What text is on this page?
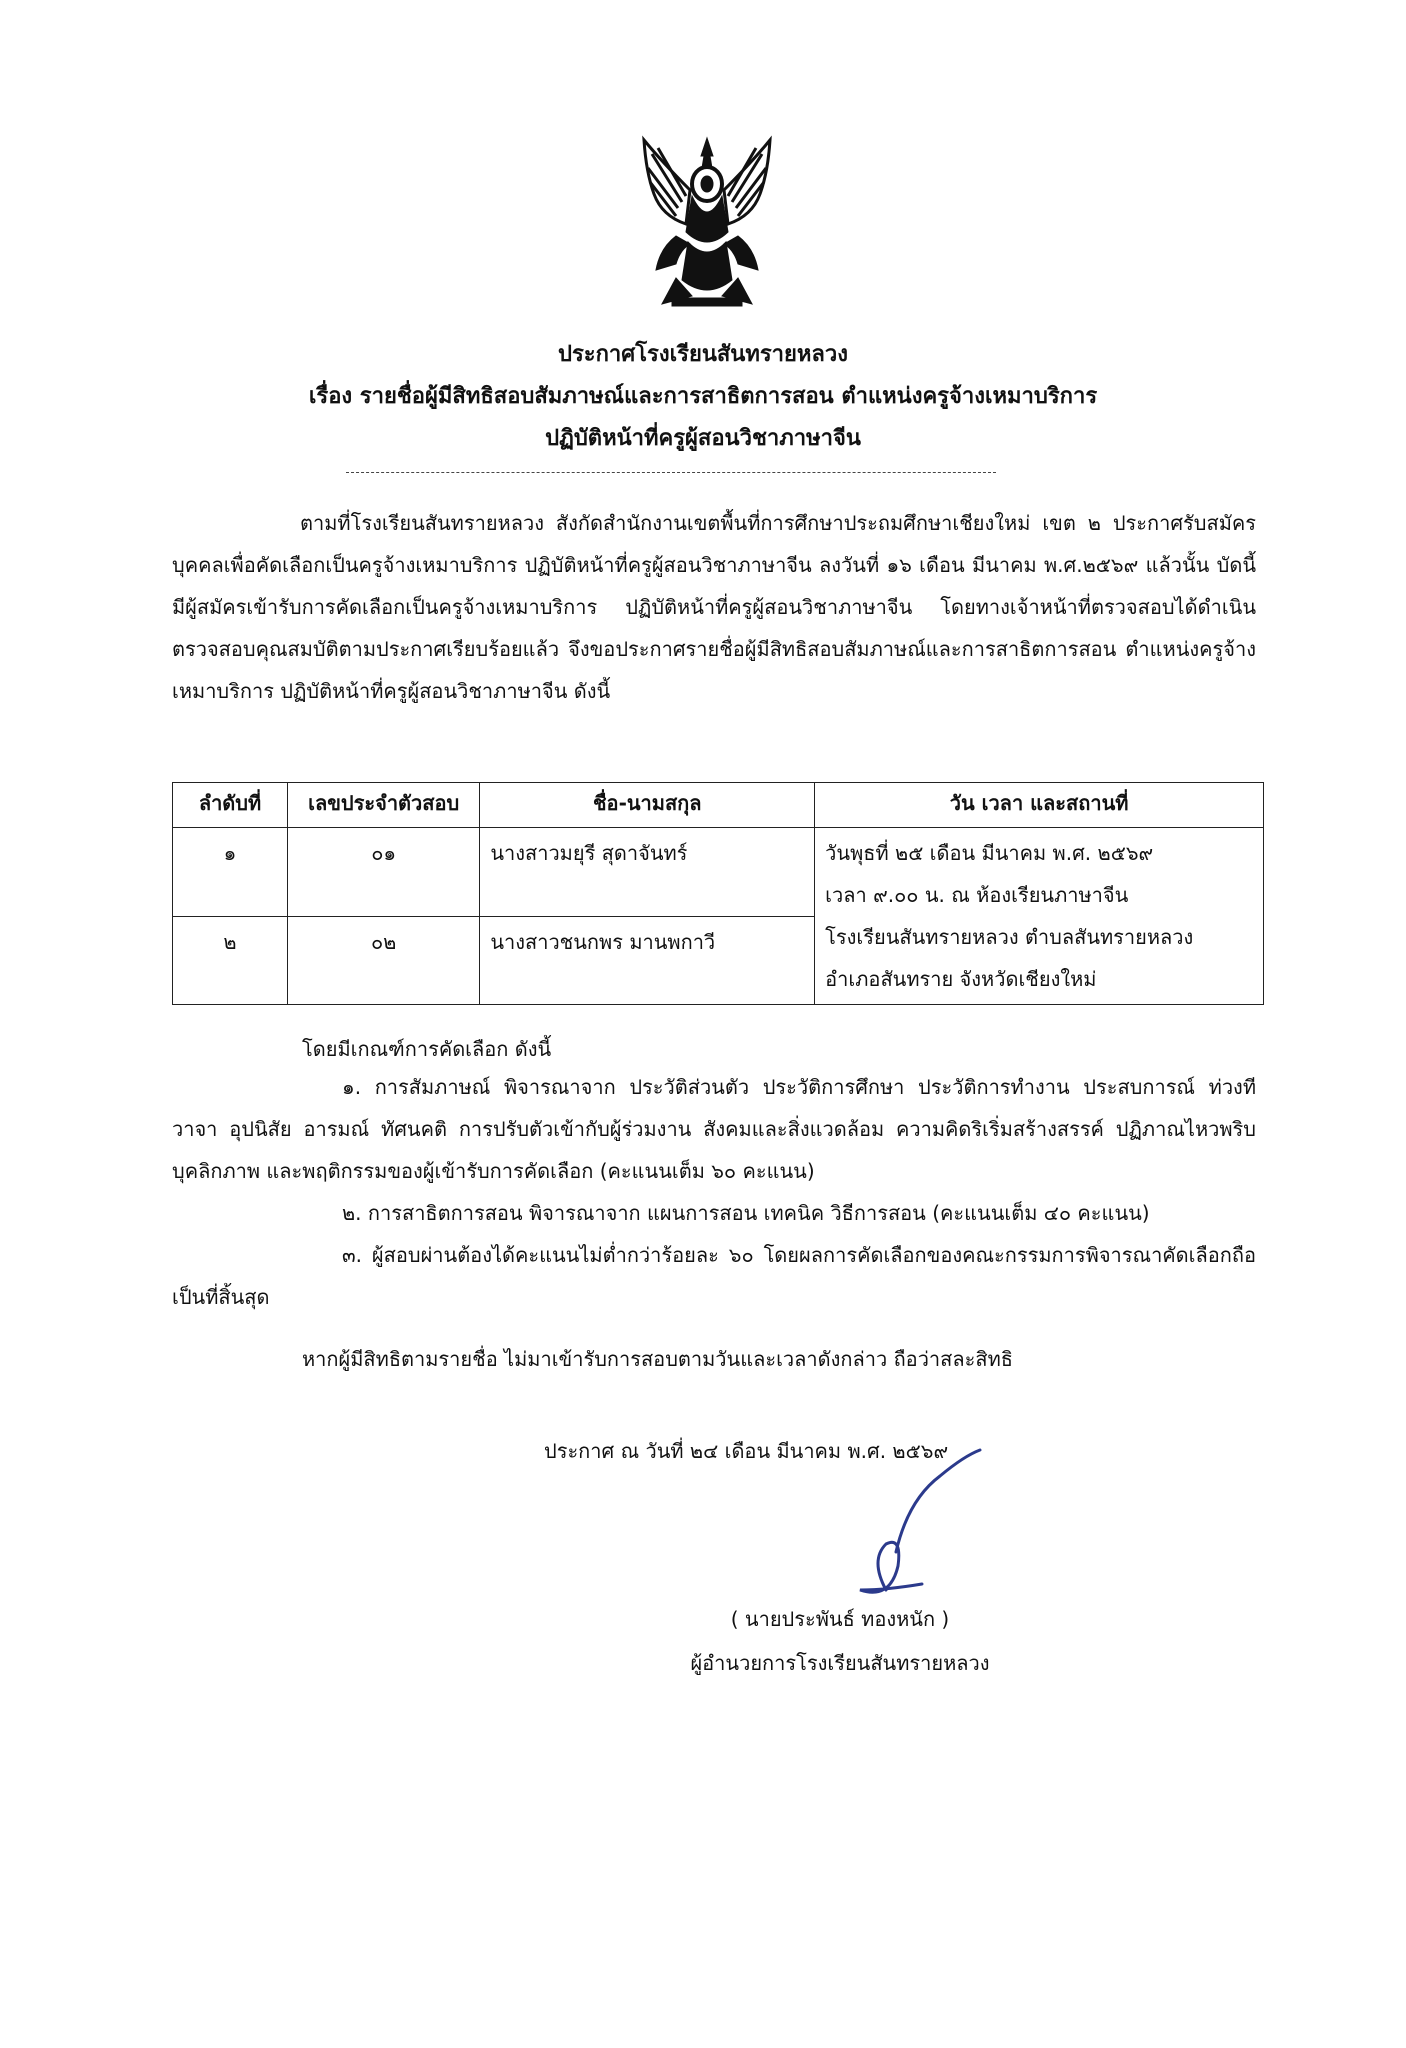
ประกาศโรงเรียนสันทรายหลวง
เรื่อง รายชื่อผู้มีสิทธิสอบสัมภาษณ์และการสาธิตการสอน ตำแหน่งครูจ้างเหมาบริการ
ปฏิบัติหน้าที่ครูผู้สอนวิชาภาษาจีน
ตามที่โรงเรียนสันทรายหลวง สังกัดสำนักงานเขตพื้นที่การศึกษาประถมศึกษาเชียงใหม่ เขต ๒ ประกาศรับสมัครบุคคลเพื่อคัดเลือกเป็นครูจ้างเหมาบริการ ปฏิบัติหน้าที่ครูผู้สอนวิชาภาษาจีน ลงวันที่ ๑๖ เดือน มีนาคม พ.ศ.๒๕๖๙ แล้วนั้น บัดนี้มีผู้สมัครเข้ารับการคัดเลือกเป็นครูจ้างเหมาบริการ ปฏิบัติหน้าที่ครูผู้สอนวิชาภาษาจีน โดยทางเจ้าหน้าที่ตรวจสอบได้ดำเนินตรวจสอบคุณสมบัติตามประกาศเรียบร้อยแล้ว จึงขอประกาศรายชื่อผู้มีสิทธิสอบสัมภาษณ์และการสาธิตการสอน ตำแหน่งครูจ้างเหมาบริการ ปฏิบัติหน้าที่ครูผู้สอนวิชาภาษาจีน ดังนี้
ลำดับที่	เลขประจำตัวสอบ	ชื่อ-นามสกุล	วัน เวลา และสถานที่
๑	๐๑	นางสาวมยุรี สุดาจันทร์	วันพุธที่ ๒๕ เดือน มีนาคม พ.ศ. ๒๕๖๙
เวลา ๙.๐๐ น. ณ ห้องเรียนภาษาจีน
โรงเรียนสันทรายหลวง ตำบลสันทรายหลวง
อำเภอสันทราย จังหวัดเชียงใหม่

๒	๐๒	นางสาวชนกพร มานพกาวี	
โดยมีเกณฑ์การคัดเลือก ดังนี้
๑. การสัมภาษณ์ พิจารณาจาก ประวัติส่วนตัว ประวัติการศึกษา ประวัติการทำงาน ประสบการณ์ ท่วงที วาจา อุปนิสัย อารมณ์ ทัศนคติ การปรับตัวเข้ากับผู้ร่วมงาน สังคมและสิ่งแวดล้อม ความคิดริเริ่มสร้างสรรค์ ปฏิภาณไหวพริบ บุคลิกภาพ และพฤติกรรมของผู้เข้ารับการคัดเลือก (คะแนนเต็ม ๖๐ คะแนน)
๒. การสาธิตการสอน พิจารณาจาก แผนการสอน เทคนิค วิธีการสอน (คะแนนเต็ม ๔๐ คะแนน)
๓. ผู้สอบผ่านต้องได้คะแนนไม่ต่ำกว่าร้อยละ ๖๐ โดยผลการคัดเลือกของคณะกรรมการพิจารณาคัดเลือกถือเป็นที่สิ้นสุด
หากผู้มีสิทธิตามรายชื่อ ไม่มาเข้ารับการสอบตามวันและเวลาดังกล่าว ถือว่าสละสิทธิ
ประกาศ ณ วันที่ ๒๔ เดือน มีนาคม พ.ศ. ๒๕๖๙
( นายประพันธ์ ทองหนัก )
ผู้อำนวยการโรงเรียนสันทรายหลวง
